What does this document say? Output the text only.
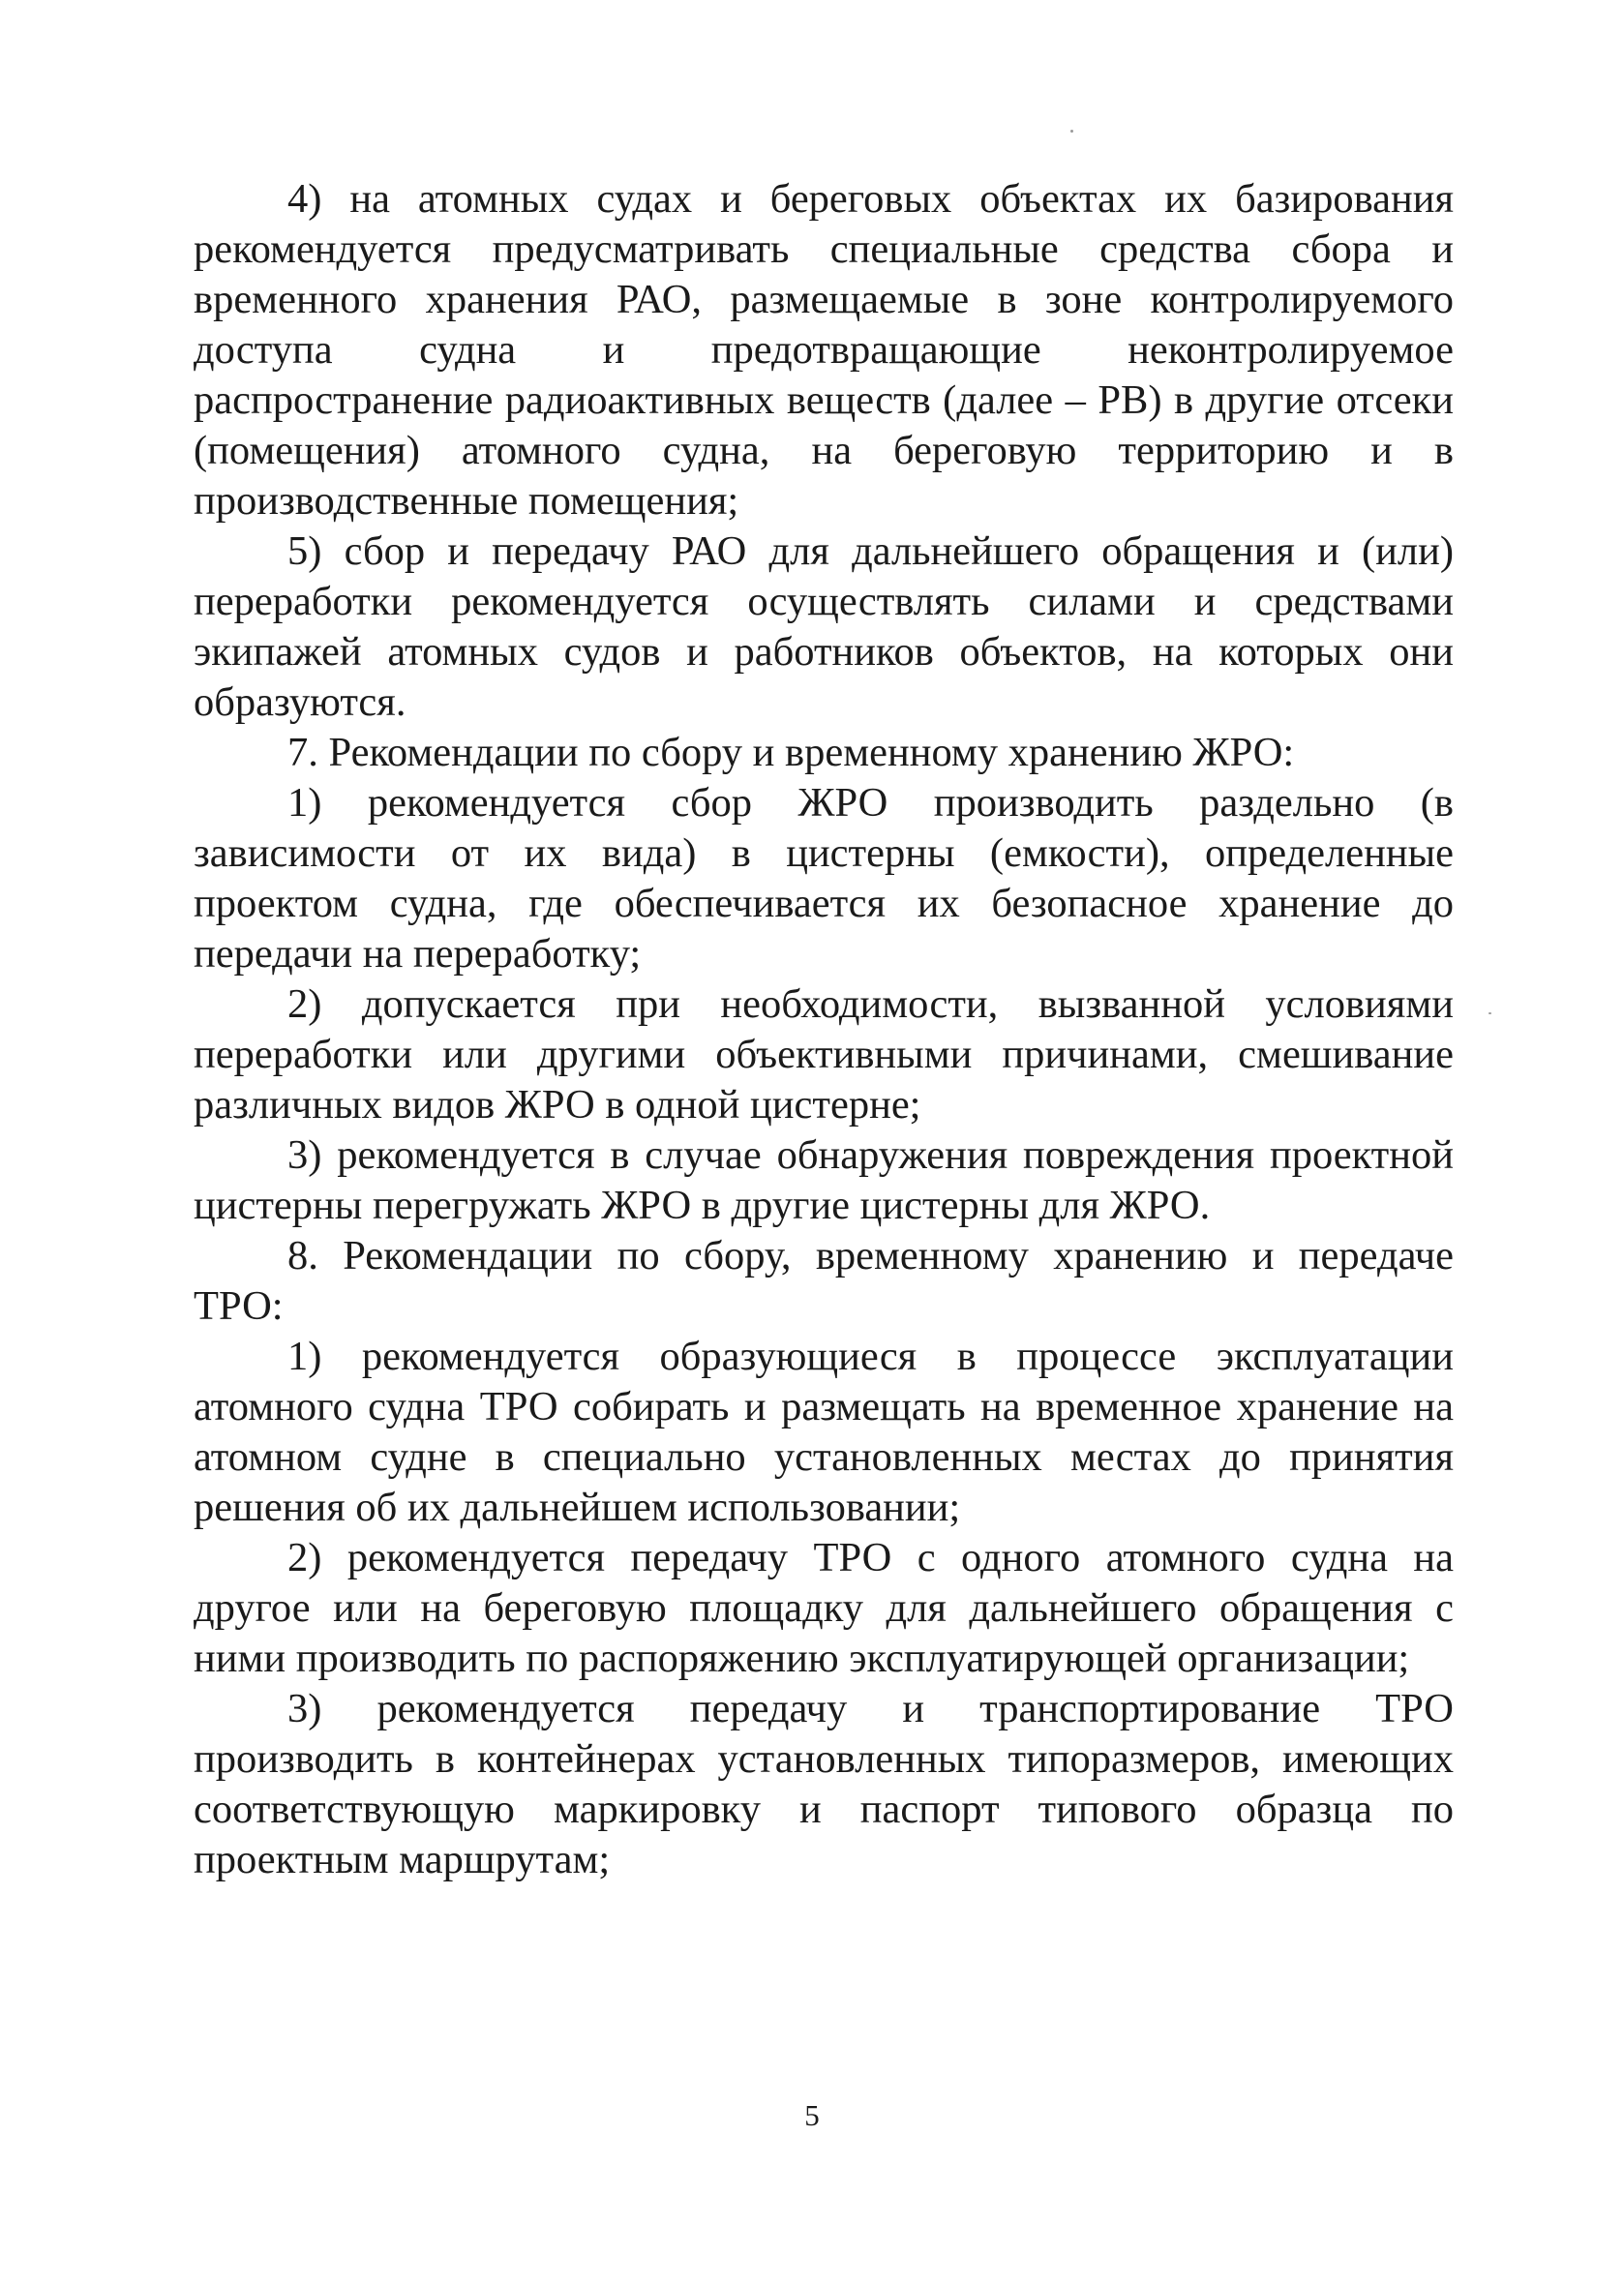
4) на атомных судах и береговых объектах их базирования рекомендуется предусматривать специальные средства сбора и временного хранения РАО, размещаемые в зоне контролируемого доступа судна и предотвращающие неконтролируемое распространение радиоактивных веществ (далее – РВ) в другие отсеки (помещения) атомного судна, на береговую территорию и в производственные помещения;

5) сбор и передачу РАО для дальнейшего обращения и (или) переработки рекомендуется осуществлять силами и средствами экипажей атомных судов и работников объектов, на которых они образуются.

7. Рекомендации по сбору и временному хранению ЖРО:

1) рекомендуется сбор ЖРО производить раздельно (в зависимости от их вида) в цистерны (емкости), определенные проектом судна, где обеспечивается их безопасное хранение до передачи на переработку;

2) допускается при необходимости, вызванной условиями переработки или другими объективными причинами, смешивание различных видов ЖРО в одной цистерне;

3) рекомендуется в случае обнаружения повреждения проектной цистерны перегружать ЖРО в другие цистерны для ЖРО.

8. Рекомендации по сбору, временному хранению и передаче ТРО:

1) рекомендуется образующиеся в процессе эксплуатации атомного судна ТРО собирать и размещать на временное хранение на атомном судне в специально установленных местах до принятия решения об их дальнейшем использовании;

2) рекомендуется передачу ТРО с одного атомного судна на другое или на береговую площадку для дальнейшего обращения с ними производить по распоряжению эксплуатирующей организации;

3) рекомендуется передачу и транспортирование ТРО производить в контейнерах установленных типоразмеров, имеющих соответствующую маркировку и паспорт типового образца по проектным маршрутам;

5
